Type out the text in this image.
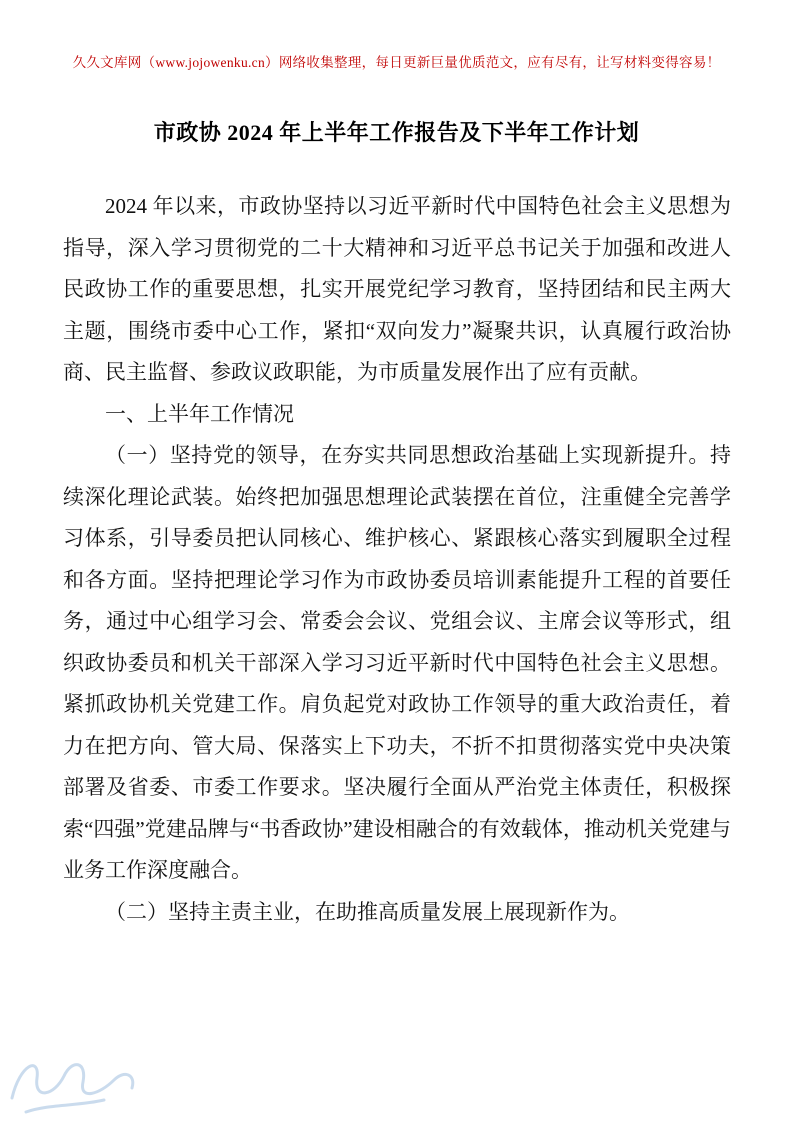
久久文库网（www.jojowenku.cn）网络收集整理，每日更新巨量优质范文，应有尽有，让写材料变得容易！
市政协 2024 年上半年工作报告及下半年工作计划

2024 年以来，市政协坚持以习近平新时代中国特色社会主义思想为指导，深入学习贯彻党的二十大精神和习近平总书记关于加强和改进人民政协工作的重要思想，扎实开展党纪学习教育，坚持团结和民主两大主题，围绕市委中心工作，紧扣“双向发力”凝聚共识，认真履行政治协商、民主监督、参政议政职能，为市质量发展作出了应有贡献。

一、上半年工作情况

（一）坚持党的领导，在夯实共同思想政治基础上实现新提升。持续深化理论武装。始终把加强思想理论武装摆在首位，注重健全完善学习体系，引导委员把认同核心、维护核心、紧跟核心落实到履职全过程和各方面。坚持把理论学习作为市政协委员培训素能提升工程的首要任务，通过中心组学习会、常委会会议、党组会议、主席会议等形式，组织政协委员和机关干部深入学习习近平新时代中国特色社会主义思想。紧抓政协机关党建工作。肩负起党对政协工作领导的重大政治责任，着力在把方向、管大局、保落实上下功夫，不折不扣贯彻落实党中央决策部署及省委、市委工作要求。坚决履行全面从严治党主体责任，积极探索“四强”党建品牌与“书香政协”建设相融合的有效载体，推动机关党建与业务工作深度融合。

（二）坚持主责主业，在助推高质量发展上展现新作为。
